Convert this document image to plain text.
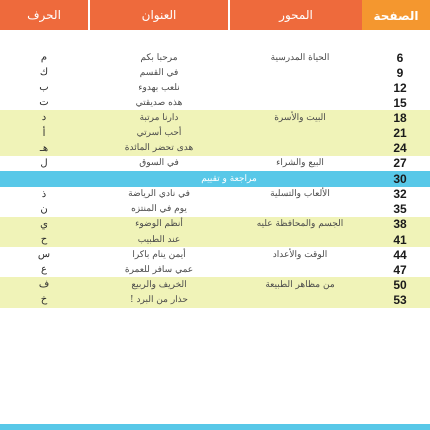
الصفحة
المحور
العنوان
الحرف
6
الحياة المدرسية
مرحبا بكم
م
9
في القسم
ك
12
نلعب بهدوء
ب
15
هذه صديقتي
ت
18
البيت والأسرة
دارنا مرتبة
د
21
أحب أسرتي
أ
24
هدى تحضر المائدة
هـ
27
البيع والشراء
في السوق
ل
30
مراجعة و تقييم
32
الألعاب والتسلية
في نادي الرياضة
ذ
35
يوم في المنتزه
ن
38
الجسم والمحافظة عليه
أنظم الوضوء
ي
41
عند الطبيب
ح
44
الوقت والأعداد
أيمن ينام باكرا
س
47
عمي سافر للعمرة
ع
50
من مظاهر الطبيعة
الخريف والربيع
ف
53
حذار من البرد !
خ
